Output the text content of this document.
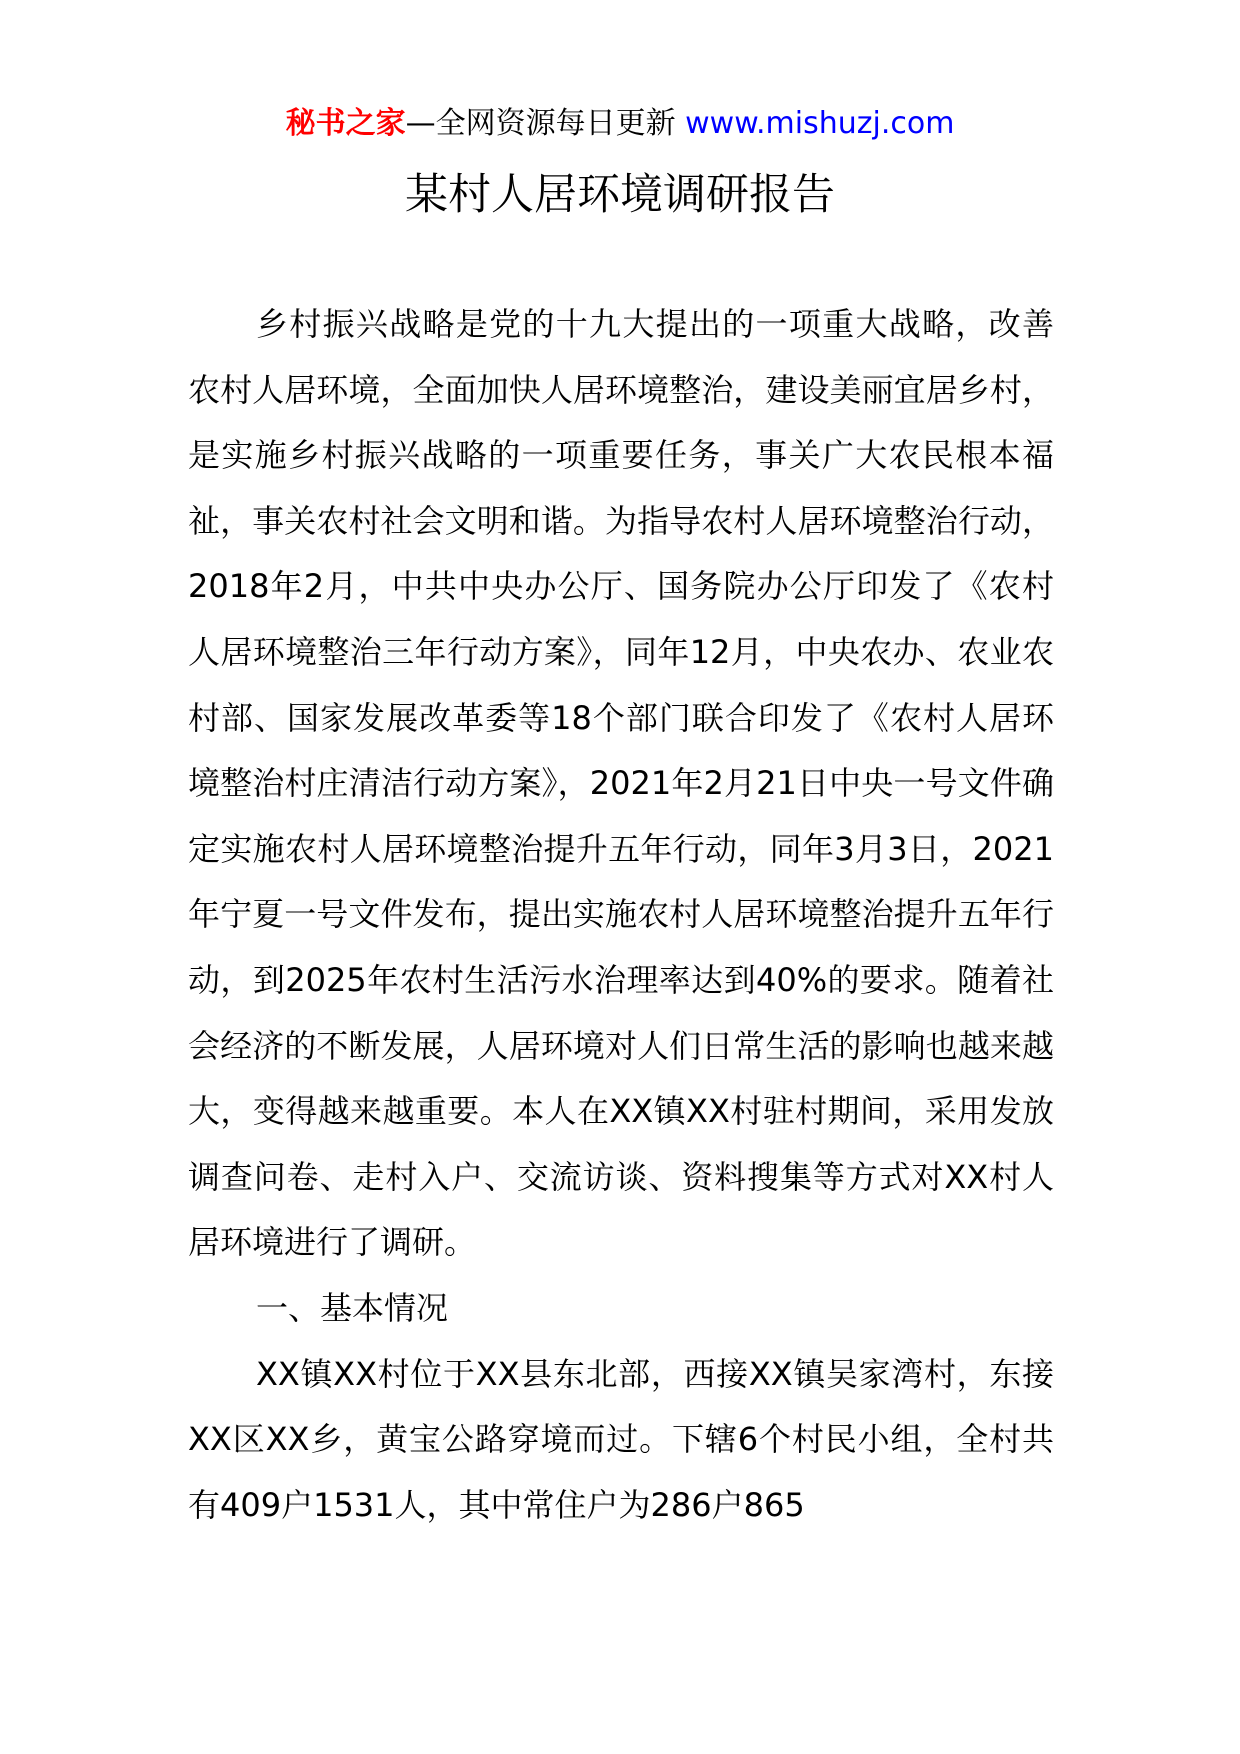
秘书之家—全网资源每日更新 www.mishuzj.com
某村人居环境调研报告

乡村振兴战略是党的十九大提出的一项重大战略，改善农村人居环境，全面加快人居环境整治，建设美丽宜居乡村，是实施乡村振兴战略的一项重要任务，事关广大农民根本福祉，事关农村社会文明和谐。为指导农村人居环境整治行动，2018年2月，中共中央办公厅、国务院办公厅印发了《农村人居环境整治三年行动方案》，同年12月，中央农办、农业农村部、国家发展改革委等18个部门联合印发了《农村人居环境整治村庄清洁行动方案》，2021年2月21日中央一号文件确定实施农村人居环境整治提升五年行动，同年3月3日，2021年宁夏一号文件发布，提出实施农村人居环境整治提升五年行动，到2025年农村生活污水治理率达到40%的要求。随着社会经济的不断发展，人居环境对人们日常生活的影响也越来越大，变得越来越重要。本人在XX镇XX村驻村期间，采用发放调查问卷、走村入户、交流访谈、资料搜集等方式对XX村人居环境进行了调研。

一、基本情况

XX镇XX村位于XX县东北部，西接XX镇吴家湾村，东接XX区XX乡，黄宝公路穿境而过。下辖6个村民小组，全村共有409户1531人，其中常住户为286户865
